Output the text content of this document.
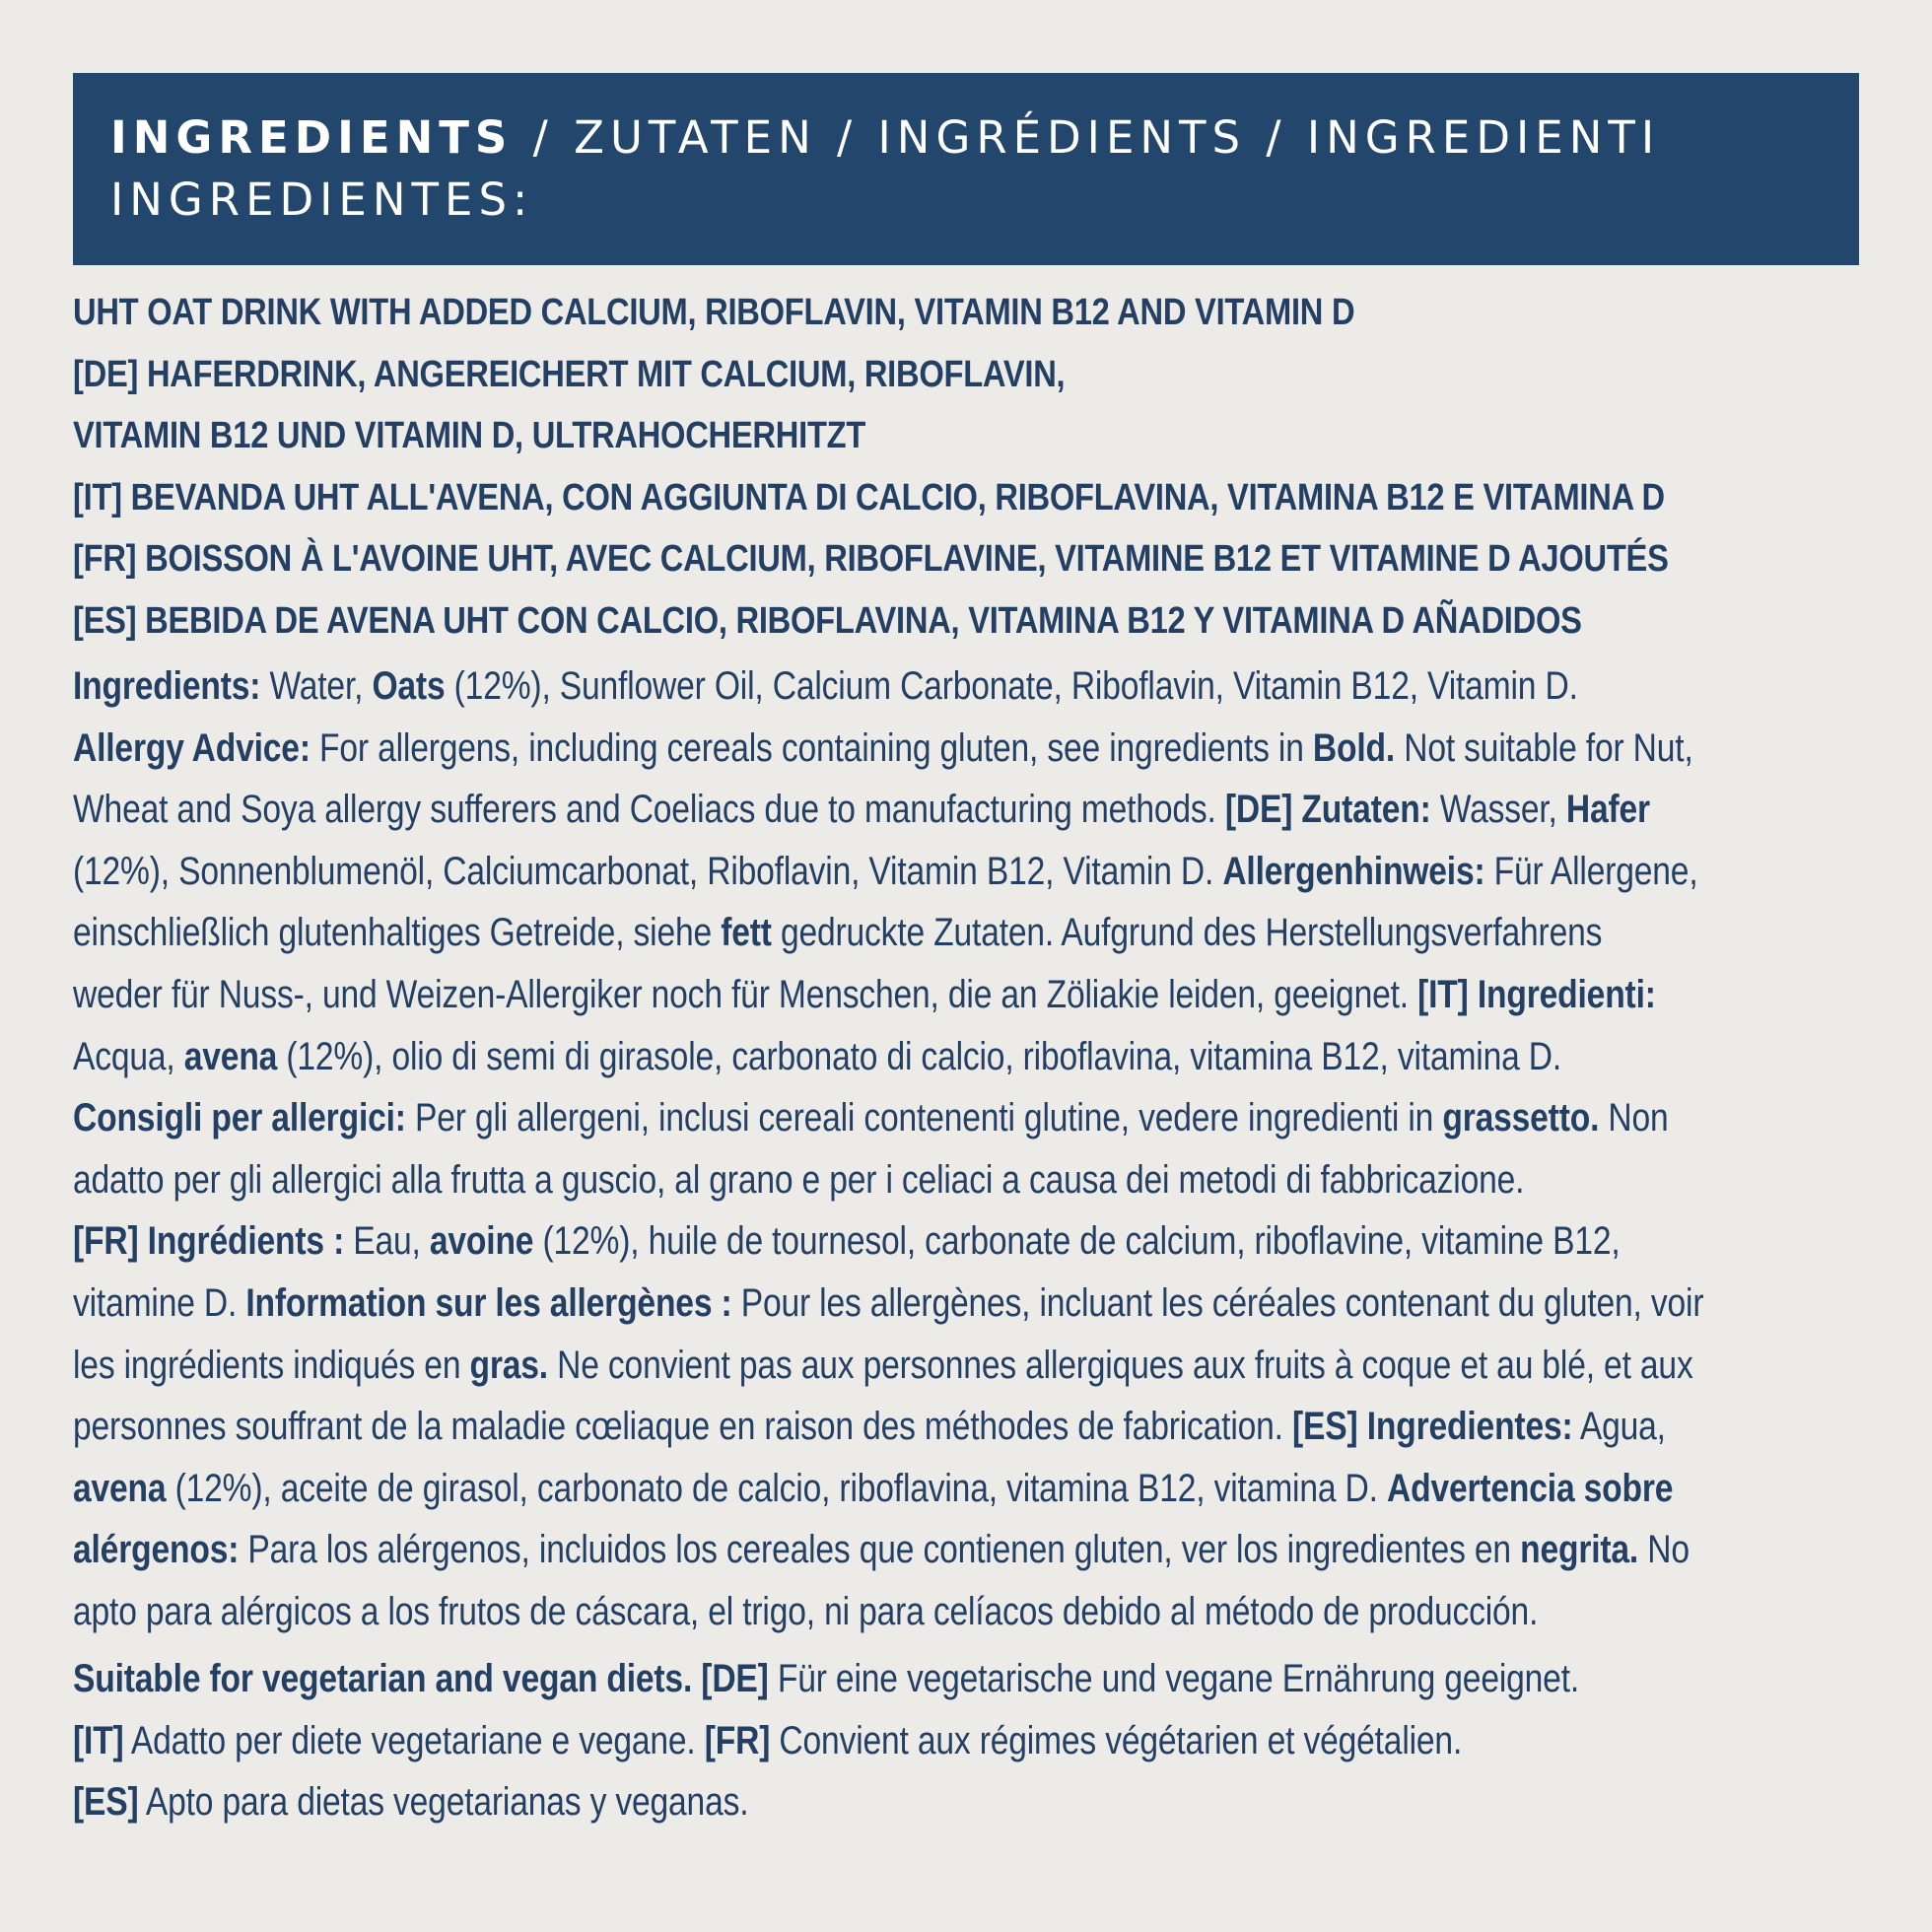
INGREDIENTS / ZUTATEN / INGRÉDIENTS / INGREDIENTI
INGREDIENTES:
UHT OAT DRINK WITH ADDED CALCIUM, RIBOFLAVIN, VITAMIN B12 AND VITAMIN D
[DE] HAFERDRINK, ANGEREICHERT MIT CALCIUM, RIBOFLAVIN,
VITAMIN B12 UND VITAMIN D, ULTRAHOCHERHITZT
[IT] BEVANDA UHT ALL'AVENA, CON AGGIUNTA DI CALCIO, RIBOFLAVINA, VITAMINA B12 E VITAMINA D
[FR] BOISSON À L'AVOINE UHT, AVEC CALCIUM, RIBOFLAVINE, VITAMINE B12 ET VITAMINE D AJOUTÉS
[ES] BEBIDA DE AVENA UHT CON CALCIO, RIBOFLAVINA, VITAMINA B12 Y VITAMINA D AÑADIDOS
Ingredients: Water, Oats (12%), Sunflower Oil, Calcium Carbonate, Riboflavin, Vitamin B12, Vitamin D.
Allergy Advice: For allergens, including cereals containing gluten, see ingredients in Bold. Not suitable for Nut,
Wheat and Soya allergy sufferers and Coeliacs due to manufacturing methods. [DE] Zutaten: Wasser, Hafer
(12%), Sonnenblumenöl, Calciumcarbonat, Riboflavin, Vitamin B12, Vitamin D. Allergenhinweis: Für Allergene,
einschließlich glutenhaltiges Getreide, siehe fett gedruckte Zutaten. Aufgrund des Herstellungsverfahrens
weder für Nuss-, und Weizen-Allergiker noch für Menschen, die an Zöliakie leiden, geeignet. [IT] Ingredienti:
Acqua, avena (12%), olio di semi di girasole, carbonato di calcio, riboflavina, vitamina B12, vitamina D.
Consigli per allergici: Per gli allergeni, inclusi cereali contenenti glutine, vedere ingredienti in grassetto. Non
adatto per gli allergici alla frutta a guscio, al grano e per i celiaci a causa dei metodi di fabbricazione.
[FR] Ingrédients : Eau, avoine (12%), huile de tournesol, carbonate de calcium, riboflavine, vitamine B12,
vitamine D. Information sur les allergènes : Pour les allergènes, incluant les céréales contenant du gluten, voir
les ingrédients indiqués en gras. Ne convient pas aux personnes allergiques aux fruits à coque et au blé, et aux
personnes souffrant de la maladie cœliaque en raison des méthodes de fabrication. [ES] Ingredientes: Agua,
avena (12%), aceite de girasol, carbonato de calcio, riboflavina, vitamina B12, vitamina D. Advertencia sobre
alérgenos: Para los alérgenos, incluidos los cereales que contienen gluten, ver los ingredientes en negrita. No
apto para alérgicos a los frutos de cáscara, el trigo, ni para celíacos debido al método de producción.
Suitable for vegetarian and vegan diets. [DE] Für eine vegetarische und vegane Ernährung geeignet.
[IT] Adatto per diete vegetariane e vegane. [FR] Convient aux régimes végétarien et végétalien.
[ES] Apto para dietas vegetarianas y veganas.
